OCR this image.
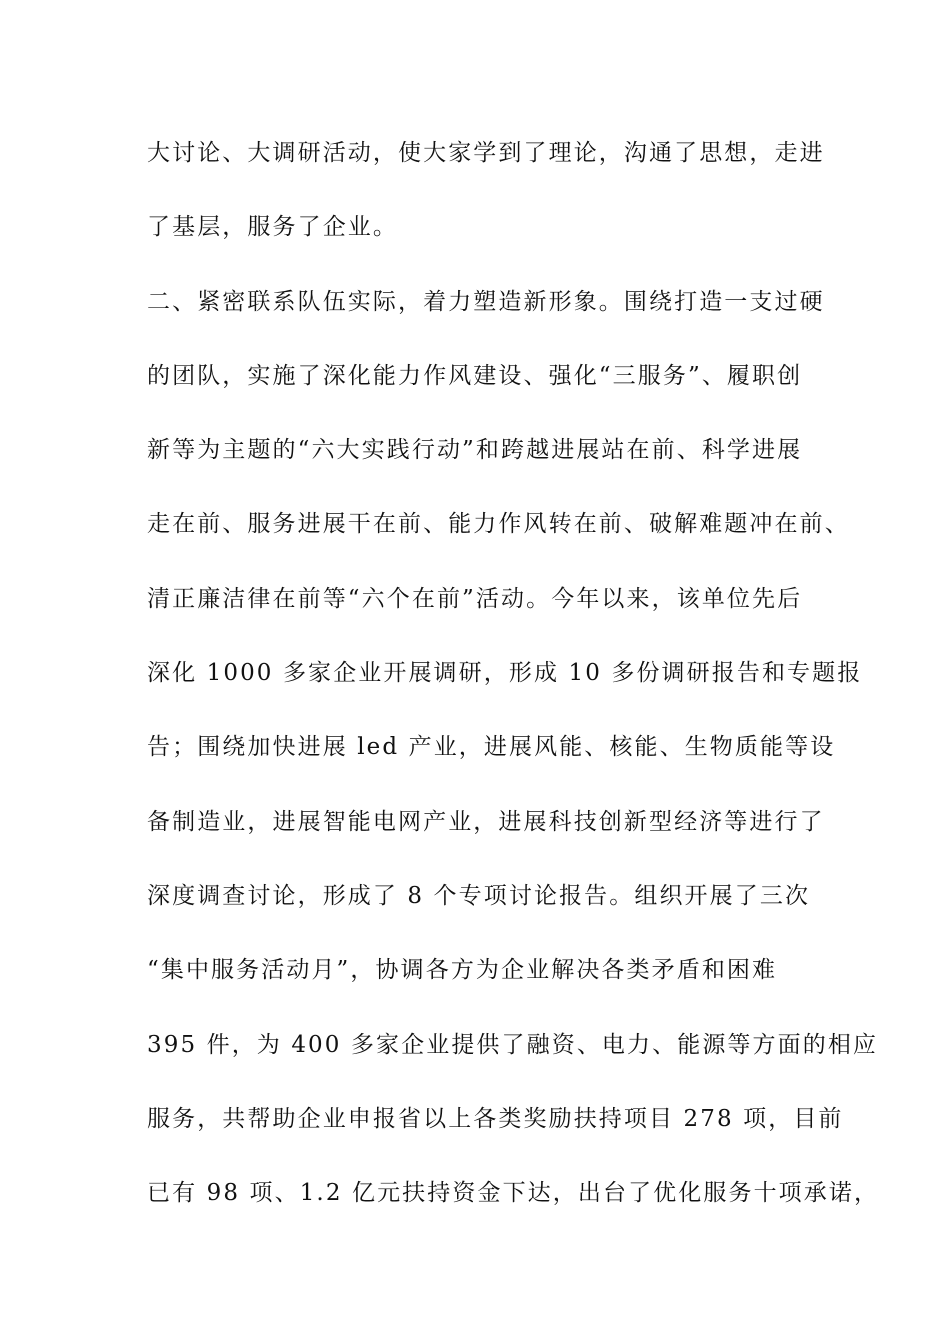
大讨论、大调研活动，使大家学到了理论，沟通了思想，走进
了基层，服务了企业。
二、紧密联系队伍实际，着力塑造新形象。围绕打造一支过硬
的团队，实施了深化能力作风建设、强化“三服务”、履职创
新等为主题的“六大实践行动”和跨越进展站在前、科学进展
走在前、服务进展干在前、能力作风转在前、破解难题冲在前、
清正廉洁律在前等“六个在前”活动。今年以来，该单位先后
深化 1000 多家企业开展调研，形成 10 多份调研报告和专题报
告；围绕加快进展 led 产业，进展风能、核能、生物质能等设
备制造业，进展智能电网产业，进展科技创新型经济等进行了
深度调查讨论，形成了 8 个专项讨论报告。组织开展了三次
“集中服务活动月”，协调各方为企业解决各类矛盾和困难
395 件，为 400 多家企业提供了融资、电力、能源等方面的相应
服务，共帮助企业申报省以上各类奖励扶持项目 278 项，目前
已有 98 项、1.2 亿元扶持资金下达，出台了优化服务十项承诺，
